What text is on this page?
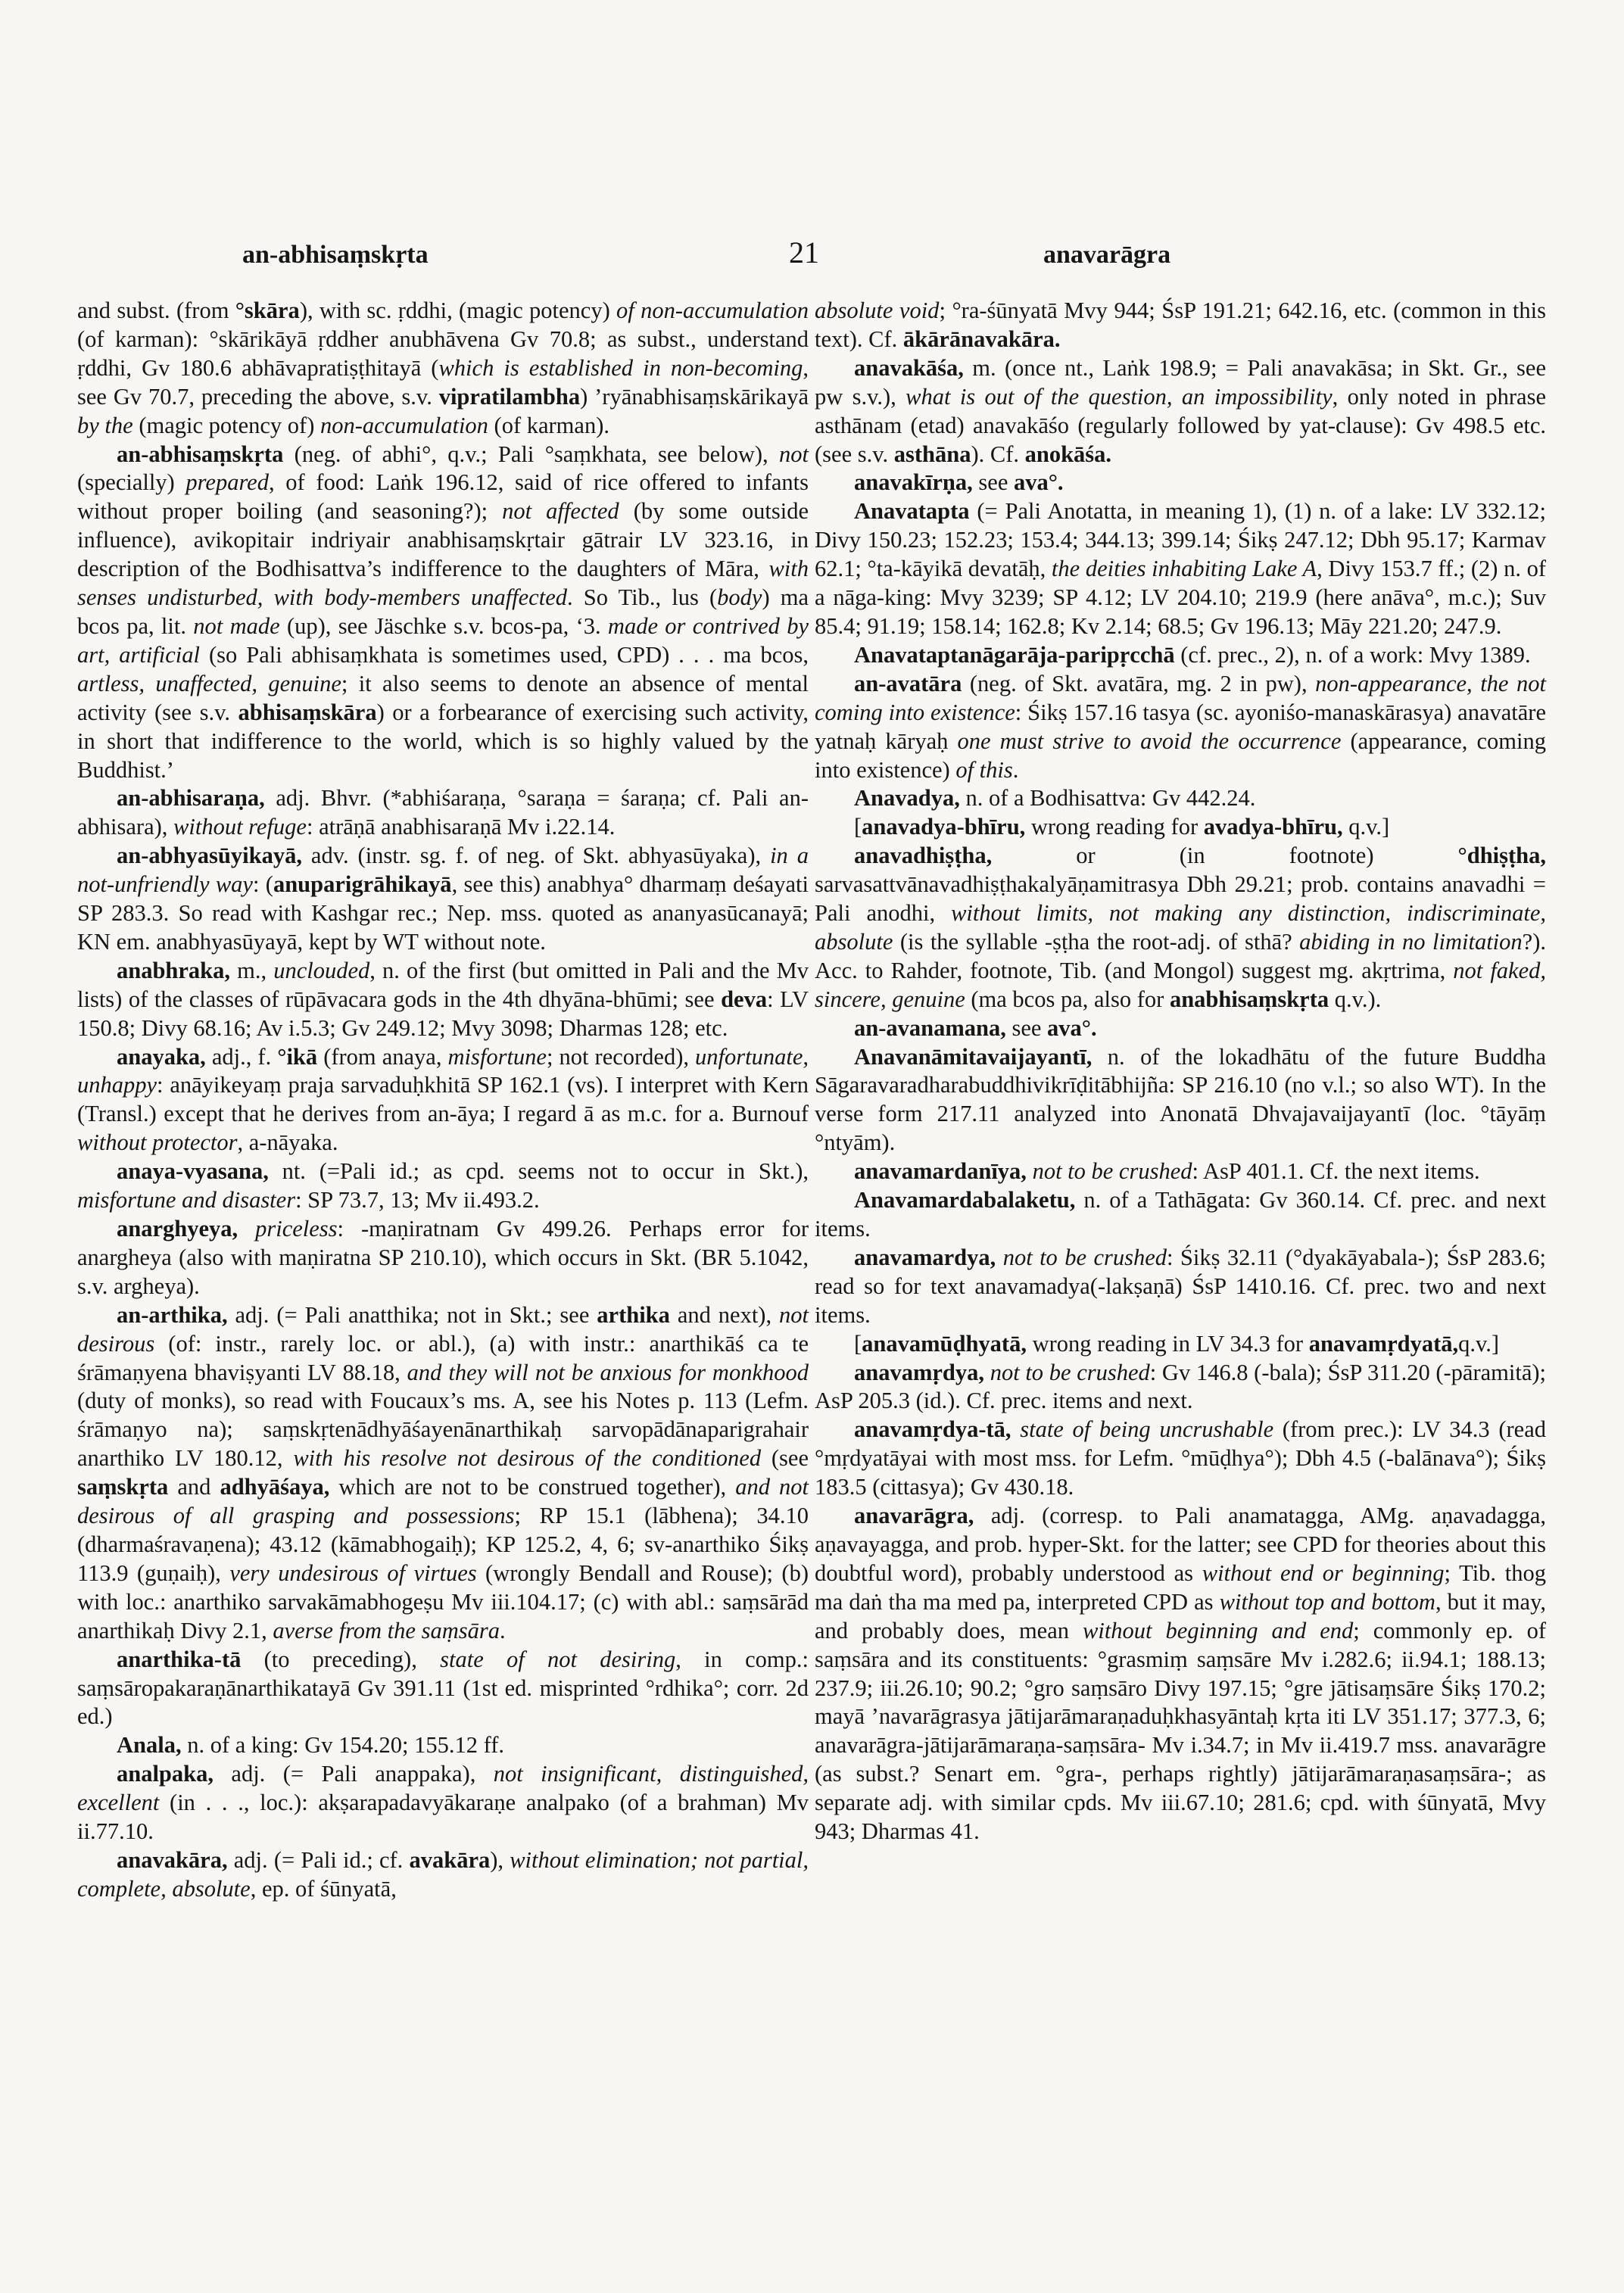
an-abhisaṃskṛta	21	anavarāgra

and subst. (from °skāra), with sc. ṛddhi, (magic potency) of non-accumulation (of karman): °skārikāyā ṛddher anubhāvena Gv 70.8; as subst., understand ṛddhi, Gv 180.6 abhāvapratiṣṭhitayā (which is established in non-becoming, see Gv 70.7, preceding the above, s.v. vipratilambha) ’ryānabhisaṃskārikayā by the (magic potency of) non-accumulation (of karman).

an-abhisaṃskṛta (neg. of abhi°, q.v.; Pali °saṃkhata, see below), not (specially) prepared, of food: Laṅk 196.12, said of rice offered to infants without proper boiling (and seasoning?); not affected (by some outside influence), avikopitair indriyair anabhisaṃskṛtair gātrair LV 323.16, in description of the Bodhisattva’s indifference to the daughters of Māra, with senses undisturbed, with body-members unaffected. So Tib., lus (body) ma bcos pa, lit. not made (up), see Jäschke s.v. bcos-pa, ‘3. made or contrived by art, artificial (so Pali abhisaṃkhata is sometimes used, CPD) . . . ma bcos, artless, unaffected, genuine; it also seems to denote an absence of mental activity (see s.v. abhisaṃskāra) or a forbearance of exercising such activity, in short that indifference to the world, which is so highly valued by the Buddhist.’

an-abhisaraṇa, adj. Bhvr. (*abhiśaraṇa, °saraṇa = śaraṇa; cf. Pali an-abhisara), without refuge: atrāṇā anabhisaraṇā Mv i.22.14.

an-abhyasūyikayā, adv. (instr. sg. f. of neg. of Skt. abhyasūyaka), in a not-unfriendly way: (anuparigrāhikayā, see this) anabhya° dharmaṃ deśayati SP 283.3. So read with Kashgar rec.; Nep. mss. quoted as ananyasūcanayā; KN em. anabhyasūyayā, kept by WT without note.

anabhraka, m., unclouded, n. of the first (but omitted in Pali and the Mv lists) of the classes of rūpāvacara gods in the 4th dhyāna-bhūmi; see deva: LV 150.8; Divy 68.16; Av i.5.3; Gv 249.12; Mvy 3098; Dharmas 128; etc.

anayaka, adj., f. °ikā (from anaya, misfortune; not recorded), unfortunate, unhappy: anāyikeyaṃ praja sarvaduḥkhitā SP 162.1 (vs). I interpret with Kern (Transl.) except that he derives from an-āya; I regard ā as m.c. for a. Burnouf without protector, a-nāyaka.

anaya-vyasana, nt. (=Pali id.; as cpd. seems not to occur in Skt.), misfortune and disaster: SP 73.7, 13; Mv ii.493.2.

anarghyeya, priceless: -maṇiratnam Gv 499.26. Perhaps error for anargheya (also with maṇiratna SP 210.10), which occurs in Skt. (BR 5.1042, s.v. argheya).

an-arthika, adj. (= Pali anatthika; not in Skt.; see arthika and next), not desirous (of: instr., rarely loc. or abl.), (a) with instr.: anarthikāś ca te śrāmaṇyena bhaviṣyanti LV 88.18, and they will not be anxious for monkhood (duty of monks), so read with Foucaux’s ms. A, see his Notes p. 113 (Lefm. śrāmaṇyo na); saṃskṛtenādhyāśayenānarthikaḥ sarvopādānaparigrahair anarthiko LV 180.12, with his resolve not desirous of the conditioned (see saṃskṛta and adhyāśaya, which are not to be construed together), and not desirous of all grasping and possessions; RP 15.1 (lābhena); 34.10 (dharmaśravaṇena); 43.12 (kāmabhogaiḥ); KP 125.2, 4, 6; sv-anarthiko Śikṣ 113.9 (guṇaiḥ), very undesirous of virtues (wrongly Bendall and Rouse); (b) with loc.: anarthiko sarvakāmabhogeṣu Mv iii.104.17; (c) with abl.: saṃsārād anarthikaḥ Divy 2.1, averse from the saṃsāra.

anarthika-tā (to preceding), state of not desiring, in comp.: saṃsāropakaraṇānarthikatayā Gv 391.11 (1st ed. misprinted °rdhika°; corr. 2d ed.)

Anala, n. of a king: Gv 154.20; 155.12 ff.

analpaka, adj. (= Pali anappaka), not insignificant, distinguished, excellent (in . . ., loc.): akṣarapadavyākaraṇe analpako (of a brahman) Mv ii.77.10.

anavakāra, adj. (= Pali id.; cf. avakāra), without elimination; not partial, complete, absolute, ep. of śūnyatā,

absolute void; °ra-śūnyatā Mvy 944; ŚsP 191.21; 642.16, etc. (common in this text). Cf. ākārānavakāra.

anavakāśa, m. (once nt., Laṅk 198.9; = Pali anavakāsa; in Skt. Gr., see pw s.v.), what is out of the question, an impossibility, only noted in phrase asthānam (etad) anavakāśo (regularly followed by yat-clause): Gv 498.5 etc. (see s.v. asthāna). Cf. anokāśa.

anavakīrṇa, see ava°.

Anavatapta (= Pali Anotatta, in meaning 1), (1) n. of a lake: LV 332.12; Divy 150.23; 152.23; 153.4; 344.13; 399.14; Śikṣ 247.12; Dbh 95.17; Karmav 62.1; °ta-kāyikā devatāḥ, the deities inhabiting Lake A, Divy 153.7 ff.; (2) n. of a nāga-king: Mvy 3239; SP 4.12; LV 204.10; 219.9 (here anāva°, m.c.); Suv 85.4; 91.19; 158.14; 162.8; Kv 2.14; 68.5; Gv 196.13; Māy 221.20; 247.9.

Anavataptanāgarāja-paripṛcchā (cf. prec., 2), n. of a work: Mvy 1389.

an-avatāra (neg. of Skt. avatāra, mg. 2 in pw), non-appearance, the not coming into existence: Śikṣ 157.16 tasya (sc. ayoniśo-manaskārasya) anavatāre yatnaḥ kāryaḥ one must strive to avoid the occurrence (appearance, coming into existence) of this.

Anavadya, n. of a Bodhisattva: Gv 442.24.

[anavadya-bhīru, wrong reading for avadya-bhīru, q.v.]

anavadhiṣṭha, or (in footnote) °dhiṣṭha, sarvasattvānavadhiṣṭhakalyāṇamitrasya Dbh 29.21; prob. contains anavadhi = Pali anodhi, without limits, not making any distinction, indiscriminate, absolute (is the syllable -ṣṭha the root-adj. of sthā? abiding in no limitation?). Acc. to Rahder, footnote, Tib. (and Mongol) suggest mg. akṛtrima, not faked, sincere, genuine (ma bcos pa, also for anabhisaṃskṛta q.v.).

an-avanamana, see ava°.

Anavanāmitavaijayantī, n. of the lokadhātu of the future Buddha Sāgaravaradharabuddhivikrīḍitābhijña: SP 216.10 (no v.l.; so also WT). In the verse form 217.11 analyzed into Anonatā Dhvajavaijayantī (loc. °tāyāṃ °ntyām).

anavamardanīya, not to be crushed: AsP 401.1. Cf. the next items.

Anavamardabalaketu, n. of a Tathāgata: Gv 360.14. Cf. prec. and next items.

anavamardya, not to be crushed: Śikṣ 32.11 (°dyakāyabala-); ŚsP 283.6; read so for text anavamadya(-lakṣaṇā) ŚsP 1410.16. Cf. prec. two and next items.

[anavamūḍhyatā, wrong reading in LV 34.3 for anavamṛdyatā,q.v.]

anavamṛdya, not to be crushed: Gv 146.8 (-bala); ŚsP 311.20 (-pāramitā); AsP 205.3 (id.). Cf. prec. items and next.

anavamṛdya-tā, state of being uncrushable (from prec.): LV 34.3 (read °mṛdyatāyai with most mss. for Lefm. °mūḍhya°); Dbh 4.5 (-balānava°); Śikṣ 183.5 (cittasya); Gv 430.18.

anavarāgra, adj. (corresp. to Pali anamatagga, AMg. aṇavadagga, aṇavayagga, and prob. hyper-Skt. for the latter; see CPD for theories about this doubtful word), probably understood as without end or beginning; Tib. thog ma daṅ tha ma med pa, interpreted CPD as without top and bottom, but it may, and probably does, mean without beginning and end; commonly ep. of saṃsāra and its constituents: °grasmiṃ saṃsāre Mv i.282.6; ii.94.1; 188.13; 237.9; iii.26.10; 90.2; °gro saṃsāro Divy 197.15; °gre jātisaṃsāre Śikṣ 170.2; mayā ’navarāgrasya jātijarāmaraṇaduḥkhasyāntaḥ kṛta iti LV 351.17; 377.3, 6; anavarāgra-jātijarāmaraṇa-saṃsāra- Mv i.34.7; in Mv ii.419.7 mss. anavarāgre (as subst.? Senart em. °gra-, perhaps rightly) jātijarāmaraṇasaṃsāra-; as separate adj. with similar cpds. Mv iii.67.10; 281.6; cpd. with śūnyatā, Mvy 943; Dharmas 41.
